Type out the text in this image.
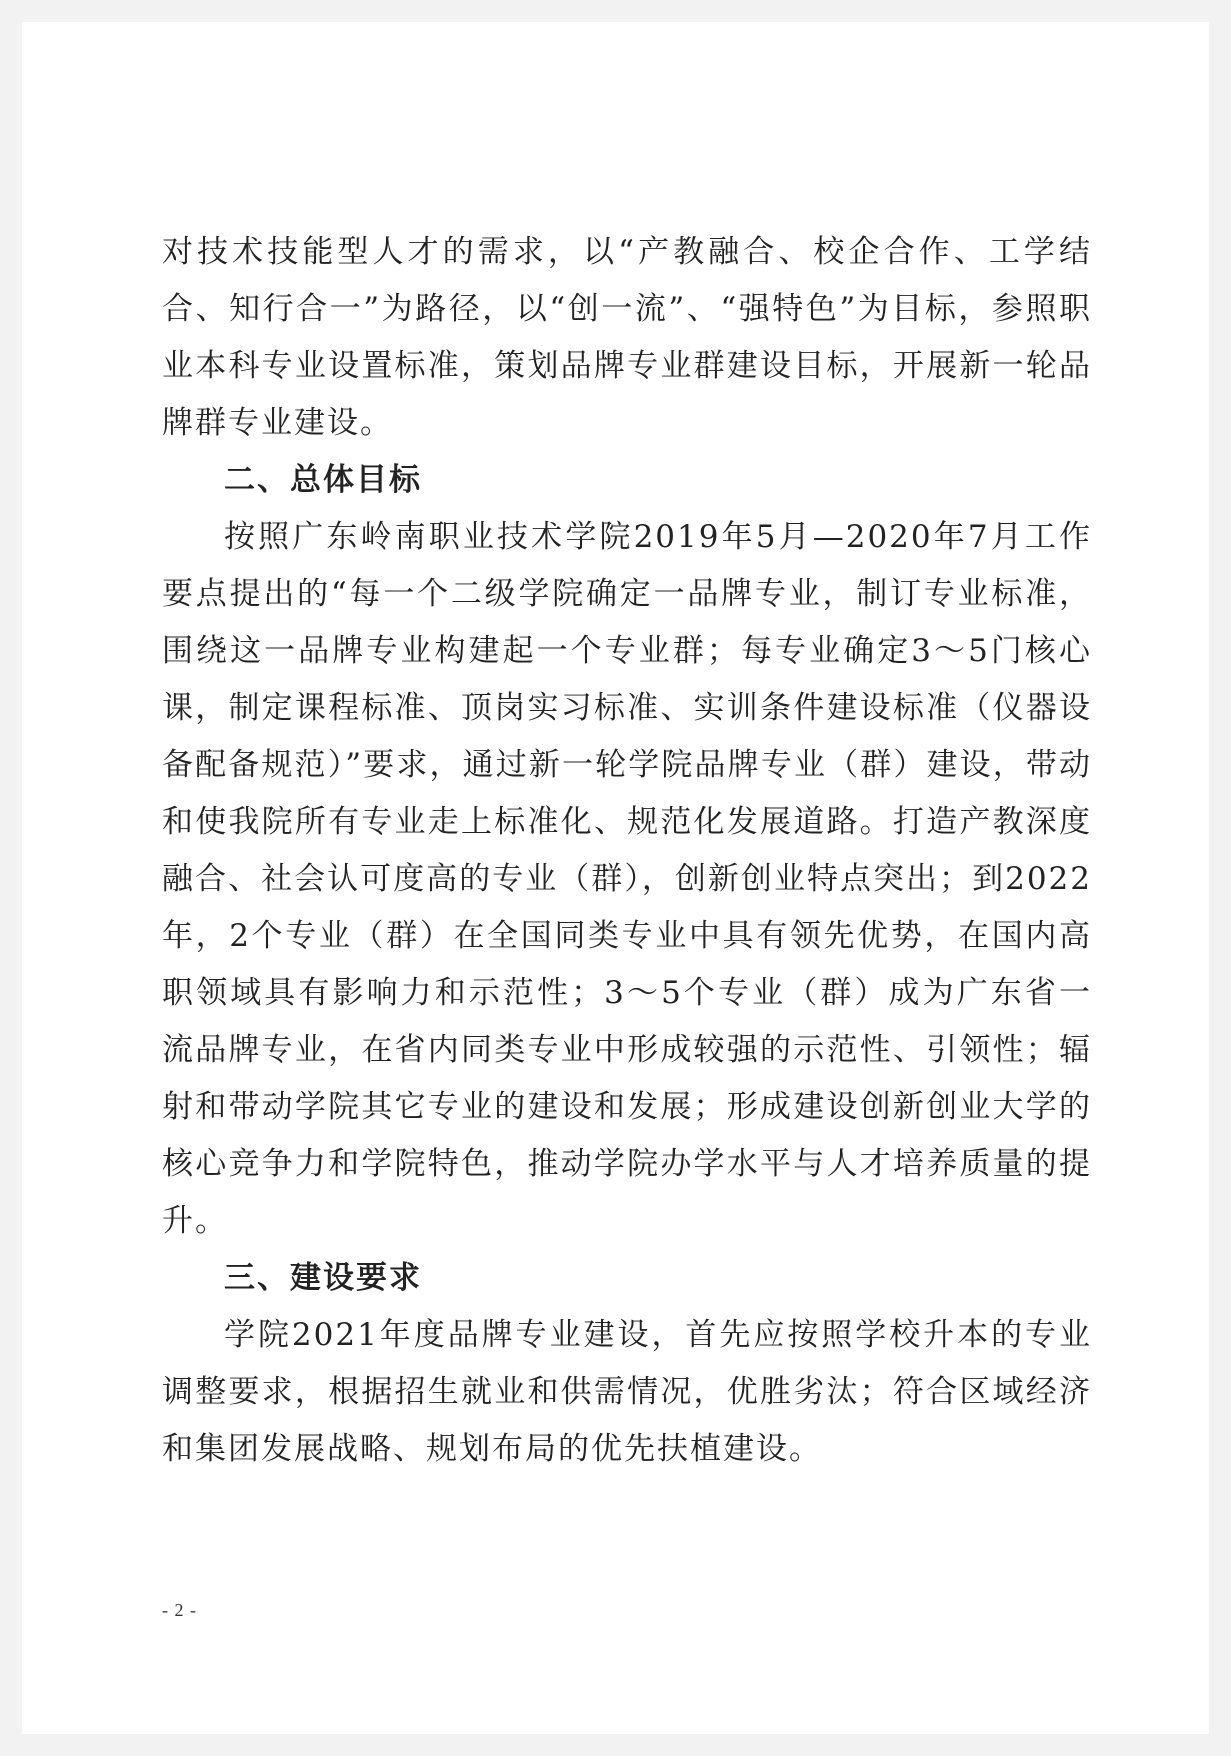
对技术技能型人才的需求，以“产教融合、校企合作、工学结合、知行合一”为路径，以“创一流”、“强特色”为目标，参照职业本科专业设置标准，策划品牌专业群建设目标，开展新一轮品牌群专业建设。

二、总体目标

按照广东岭南职业技术学院2019年5月—2020年7月工作要点提出的“每一个二级学院确定一品牌专业，制订专业标准，围绕这一品牌专业构建起一个专业群；每专业确定3～5门核心课，制定课程标准、顶岗实习标准、实训条件建设标准（仪器设备配备规范）”要求，通过新一轮学院品牌专业（群）建设，带动和使我院所有专业走上标准化、规范化发展道路。打造产教深度融合、社会认可度高的专业（群），创新创业特点突出；到2022年，2个专业（群）在全国同类专业中具有领先优势，在国内高职领域具有影响力和示范性；3～5个专业（群）成为广东省一流品牌专业，在省内同类专业中形成较强的示范性、引领性；辐射和带动学院其它专业的建设和发展；形成建设创新创业大学的核心竞争力和学院特色，推动学院办学水平与人才培养质量的提升。

三、建设要求

学院2021年度品牌专业建设，首先应按照学校升本的专业调整要求，根据招生就业和供需情况，优胜劣汰；符合区域经济和集团发展战略、规划布局的优先扶植建设。

- 2 -
